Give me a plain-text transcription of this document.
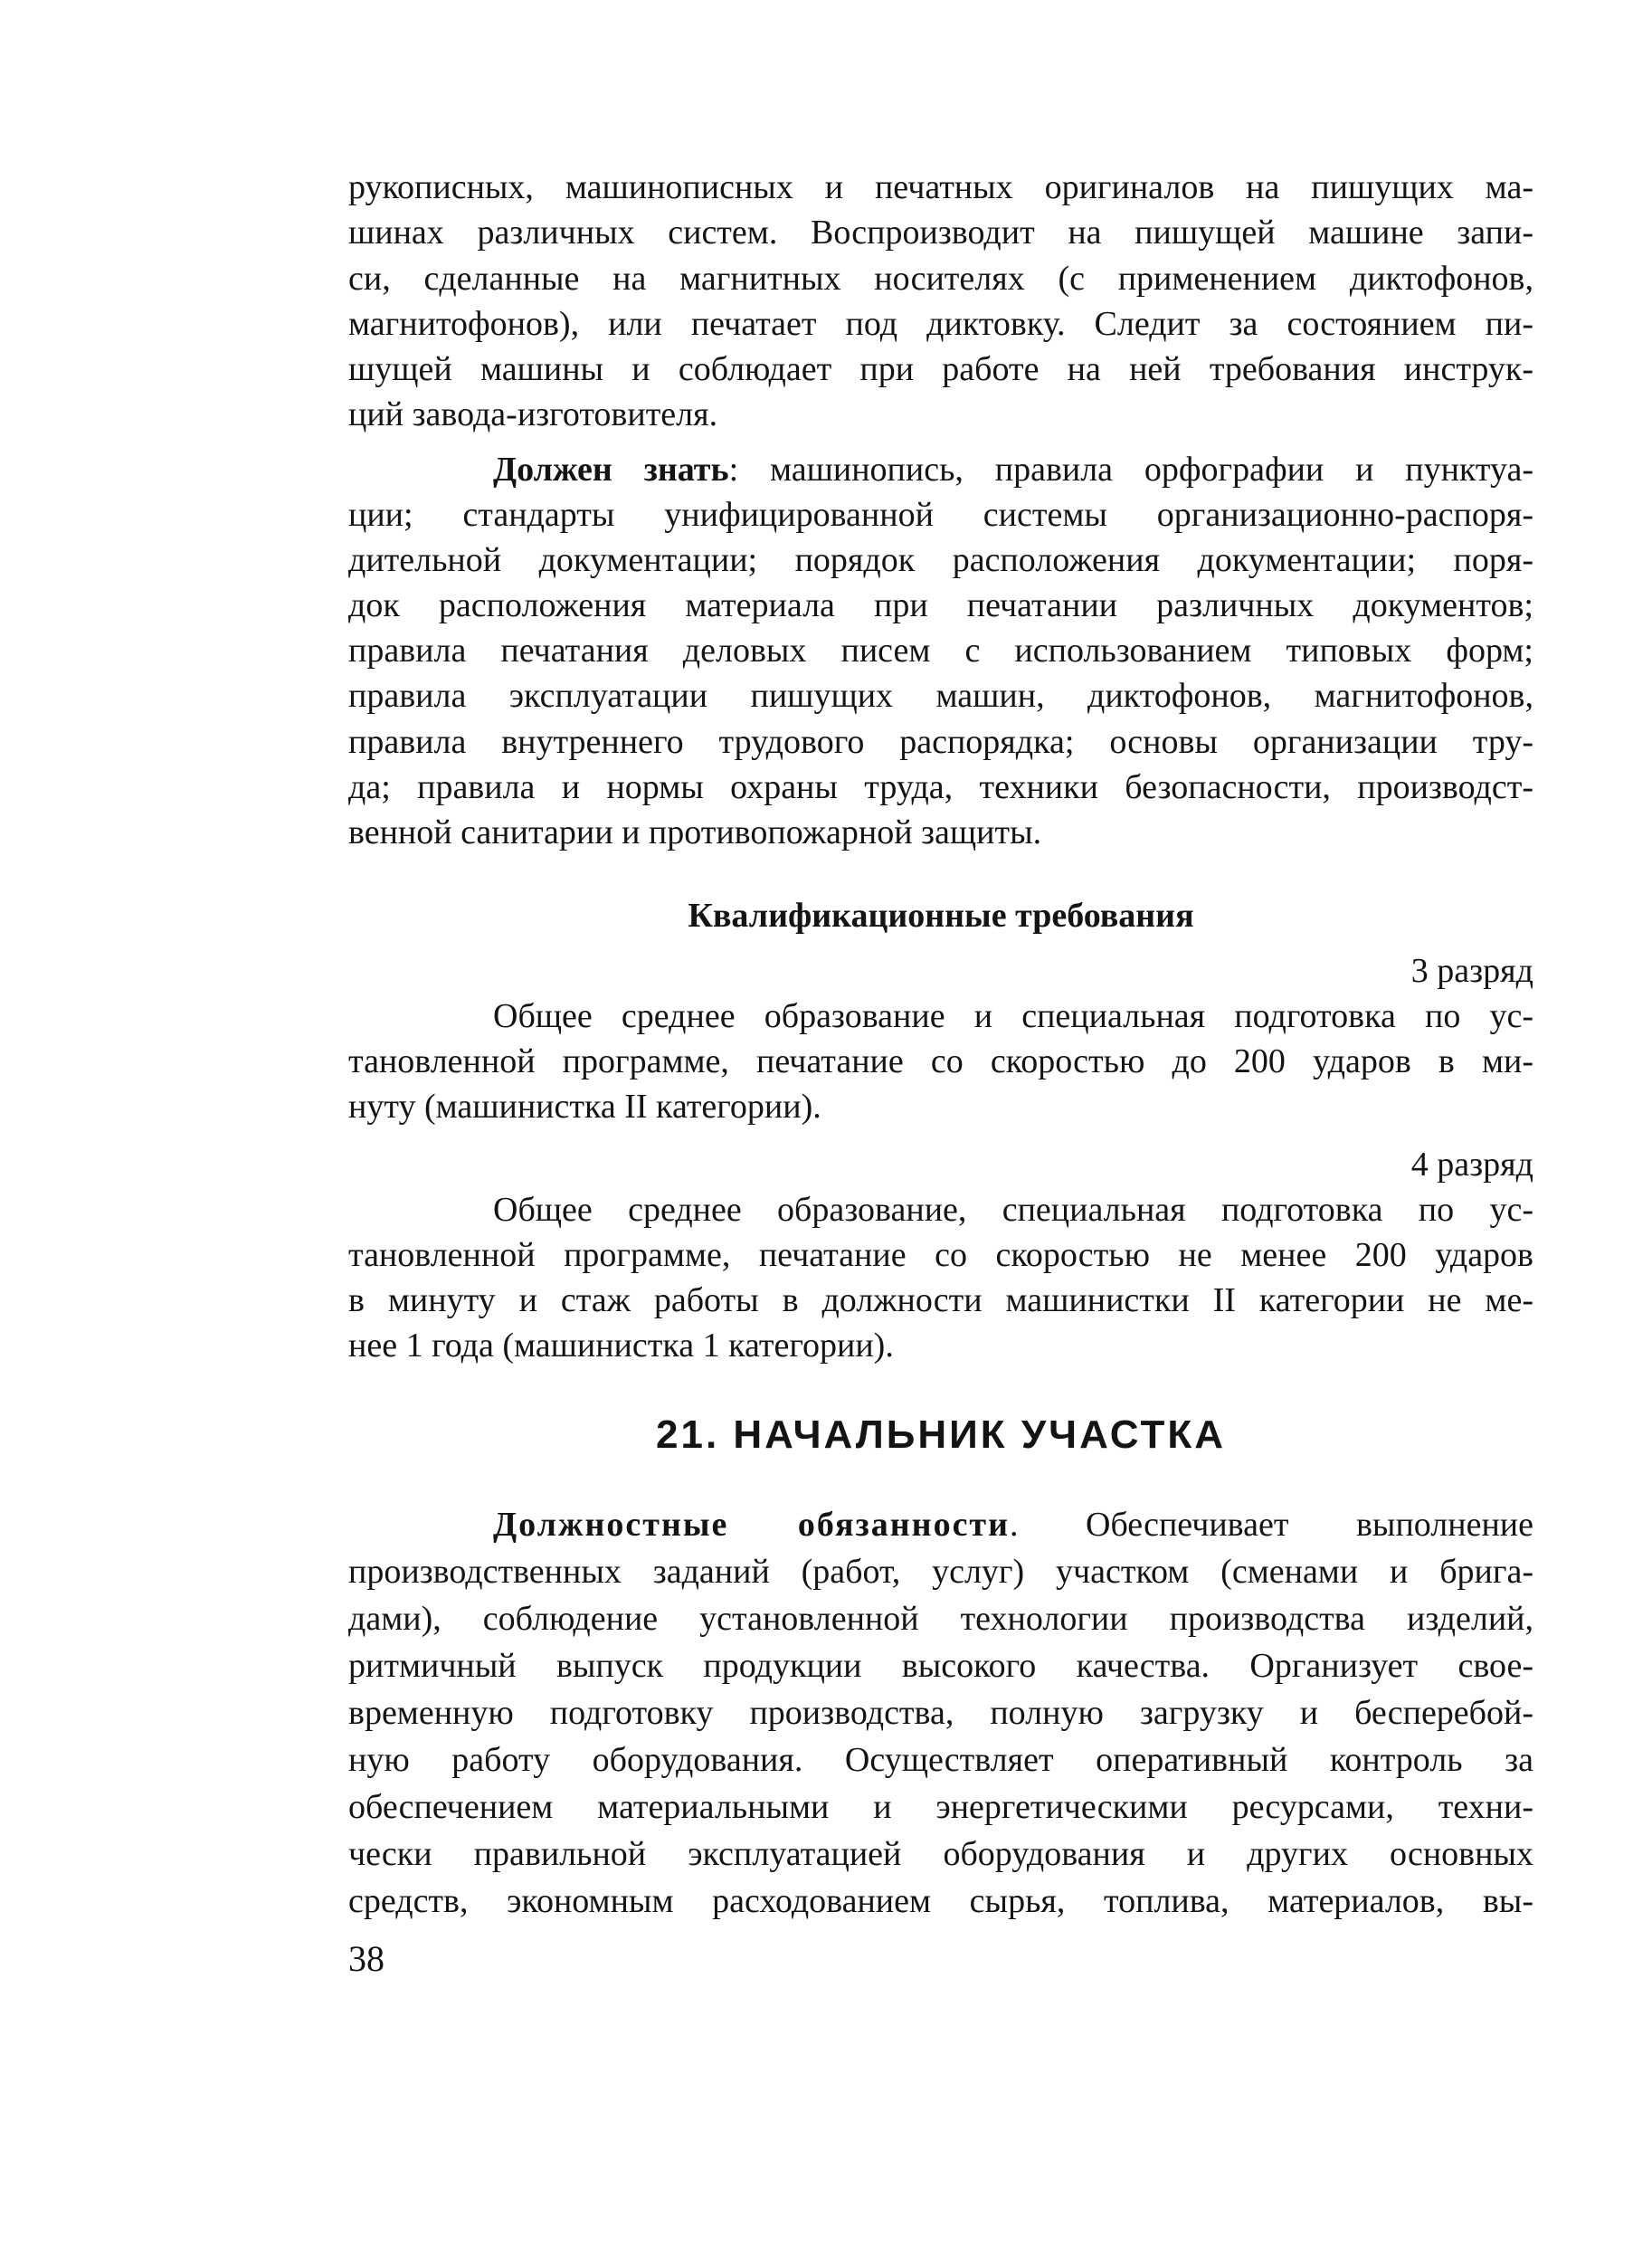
рукописных, машинописных и печатных оригиналов на пишущих ма-
шинах различных систем. Воспроизводит на пишущей машине запи-
си, сделанные на магнитных носителях (с применением диктофонов,
магнитофонов), или печатает под диктовку. Следит за состоянием пи-
шущей машины и соблюдает при работе на ней требования инструк-
ций завода-изготовителя.
Должен знать: машинопись, правила орфографии и пунктуа-
ции; стандарты унифицированной системы организационно-распоря-
дительной документации; порядок расположения документации; поря-
док расположения материала при печатании различных документов;
правила печатания деловых писем с использованием типовых форм;
правила эксплуатации пишущих машин, диктофонов, магнитофонов,
правила внутреннего трудового распорядка; основы организации тру-
да; правила и нормы охраны труда, техники безопасности, производст-
венной санитарии и противопожарной защиты.
Квалификационные требования
3 разряд
Общее среднее образование и специальная подготовка по ус-
тановленной программе, печатание со скоростью до 200 ударов в ми-
нуту (машинистка II категории).
4 разряд
Общее среднее образование, специальная подготовка по ус-
тановленной программе, печатание со скоростью не менее 200 ударов
в минуту и стаж работы в должности машинистки II категории не ме-
нее 1 года (машинистка 1 категории).
21. НАЧАЛЬНИК УЧАСТКА
Должностные обязанности. Обеспечивает выполнение
производственных заданий (работ, услуг) участком (сменами и брига-
дами), соблюдение установленной технологии производства изделий,
ритмичный выпуск продукции высокого качества. Организует свое-
временную подготовку производства, полную загрузку и бесперебой-
ную работу оборудования. Осуществляет оперативный контроль за
обеспечением материальными и энергетическими ресурсами, техни-
чески правильной эксплуатацией оборудования и других основных
средств, экономным расходованием сырья, топлива, материалов, вы-
38
